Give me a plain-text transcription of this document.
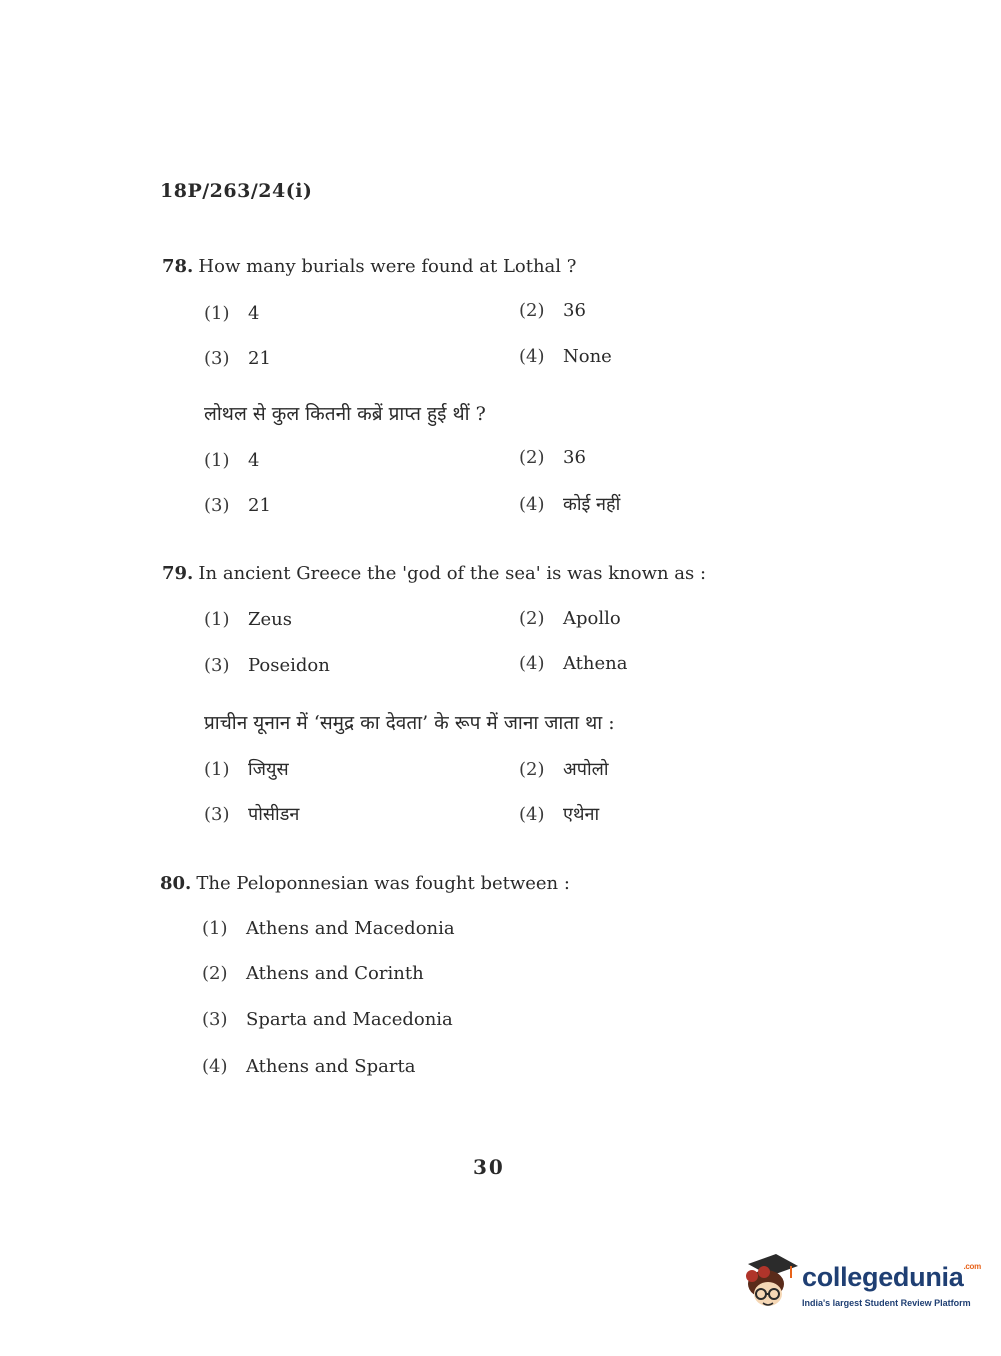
18P/263/24(i)
78. How many burials were found at Lothal ?
(1) 4	(2) 36
(3) 21	(4) None
लोथल से कुल कितनी कब्रें प्राप्त हुई थीं ?
(1) 4	(2) 36
(3) 21	(4) कोई नहीं
79. In ancient Greece the 'god of the sea' is was known as :
(1) Zeus	(2) Apollo
(3) Poseidon	(4) Athena
प्राचीन यूनान में ‘समुद्र का देवता’ के रूप में जाना जाता था :
(1) जियुस	(2) अपोलो
(3) पोसीडन	(4) एथेना
80. The Peloponnesian was fought between :
(1) Athens and Macedonia
(2) Athens and Corinth
(3) Sparta and Macedonia
(4) Athens and Sparta
30
collegedunia$^{.com}$
India's largest Student Review Platform
